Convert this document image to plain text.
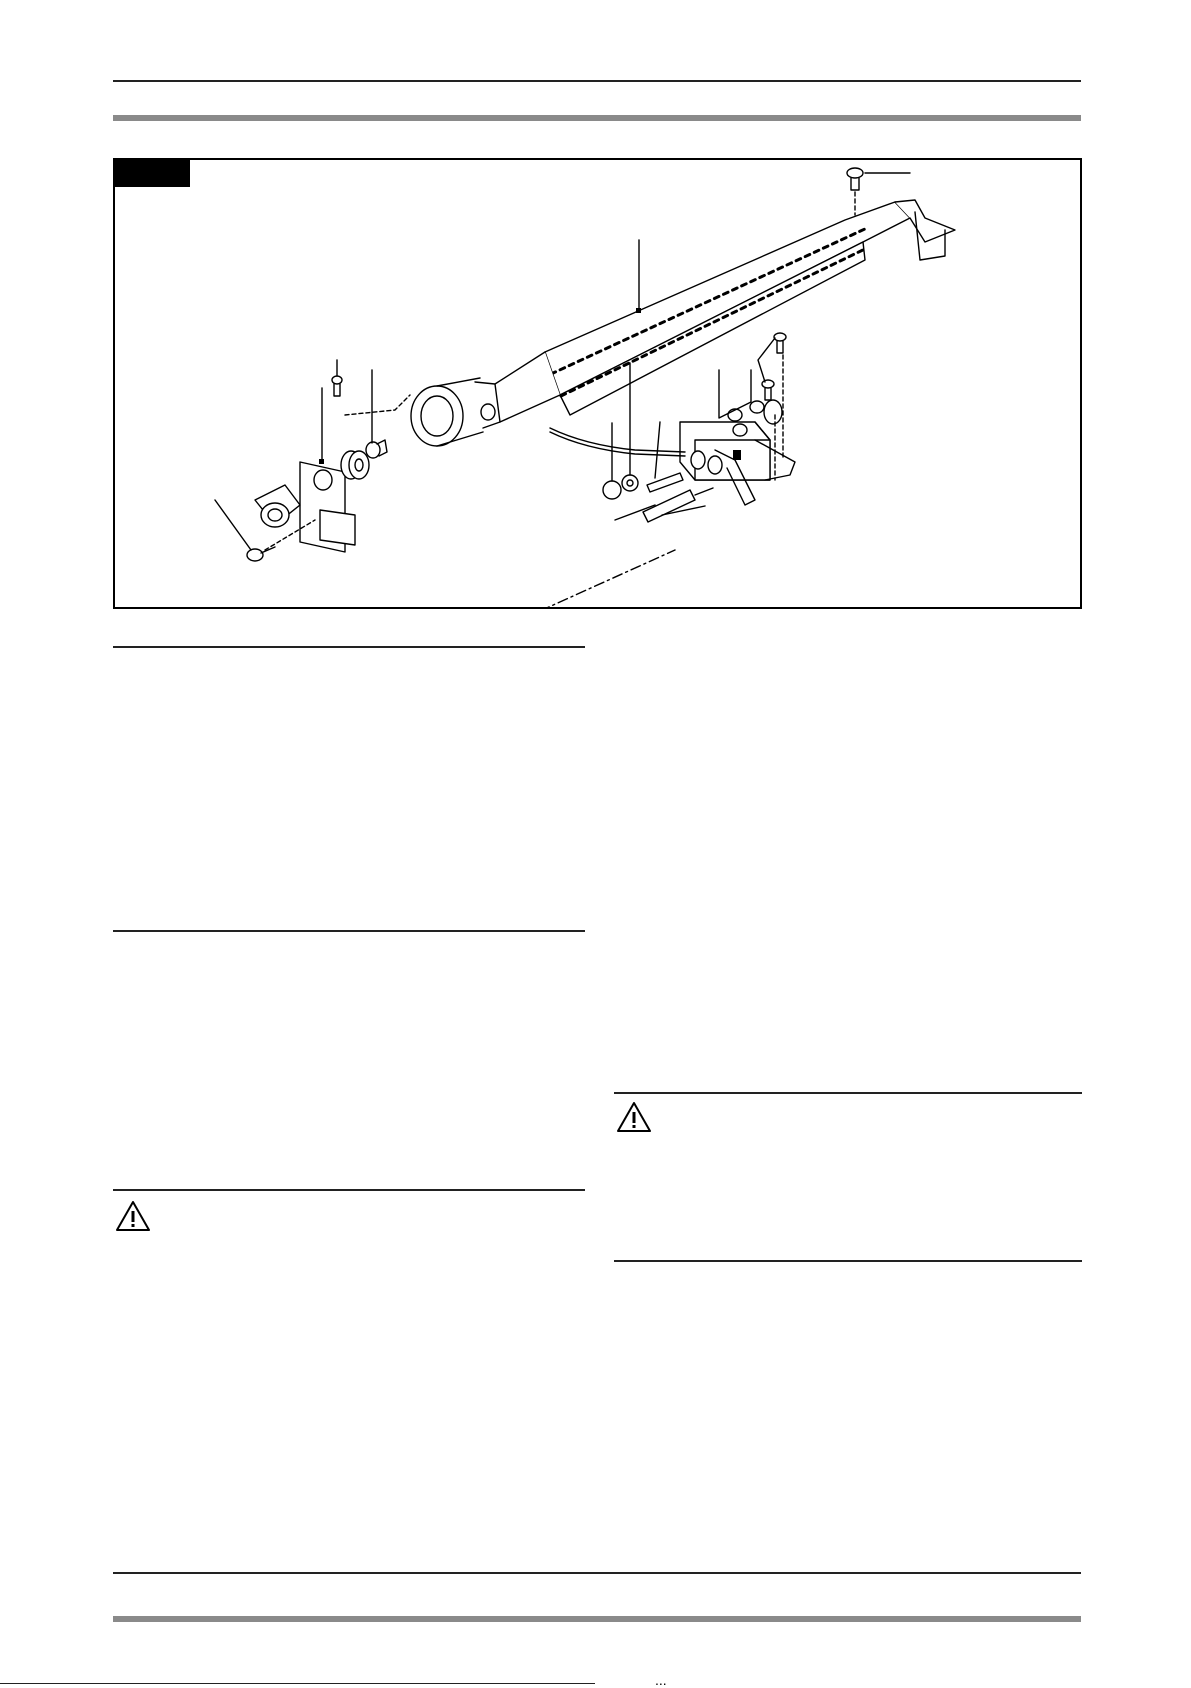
...
